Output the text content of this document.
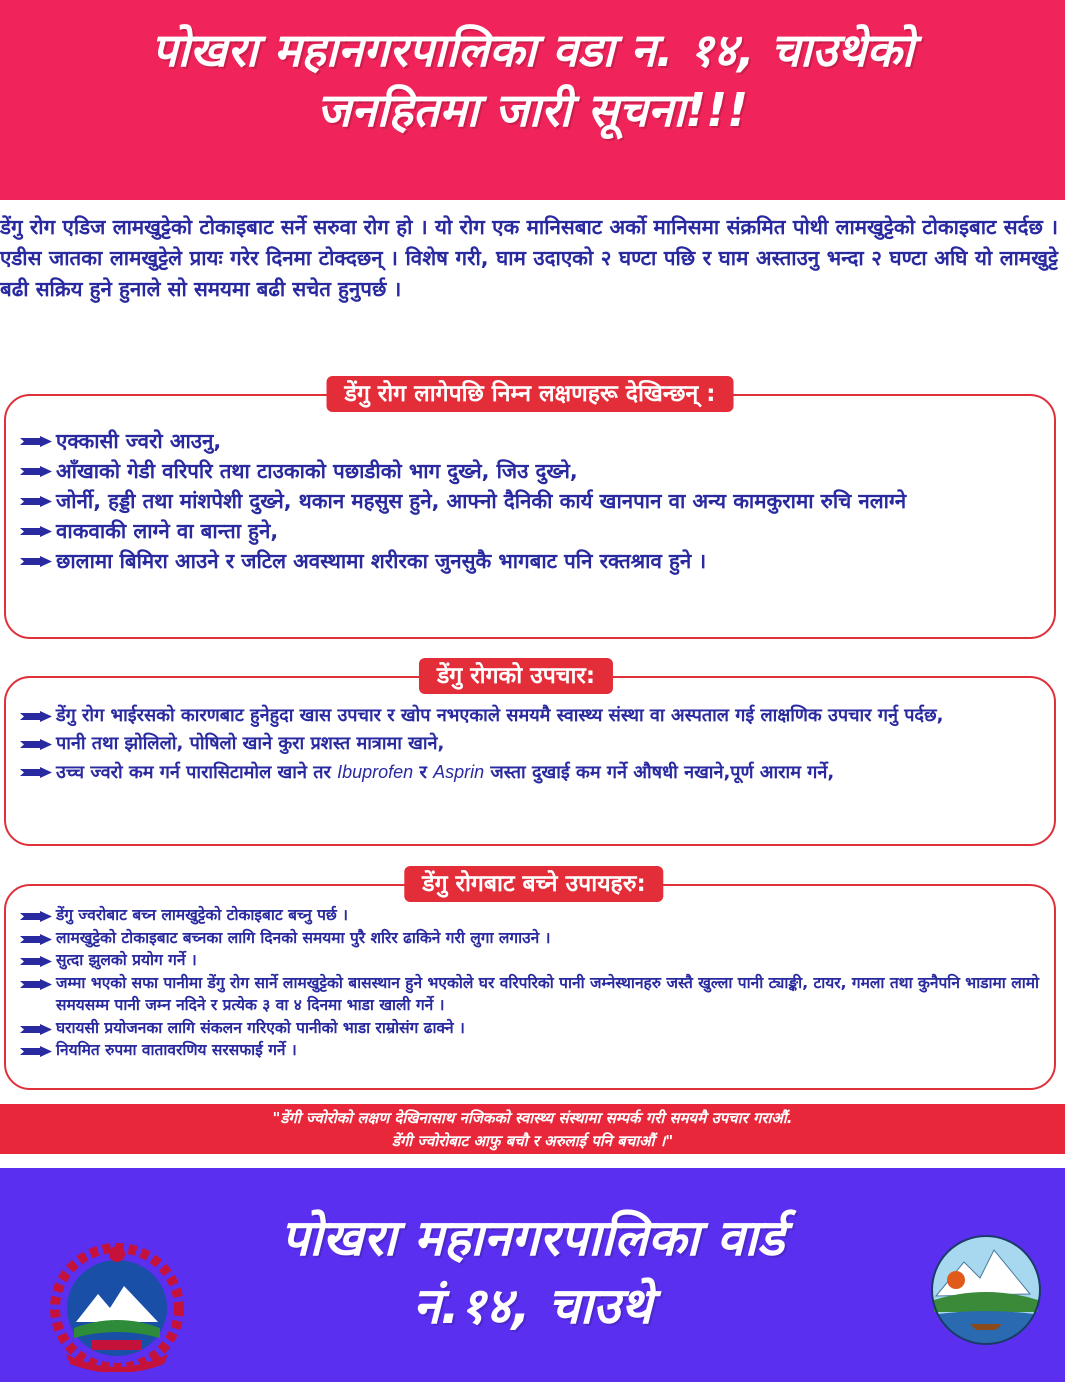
पोखरा महानगरपालिका वडा न. १४, चाउथेको
जनहितमा जारी सूचना!!!
डेंगु रोग एडिज लामखुट्टेको टोकाइबाट सर्ने सरुवा रोग हो । यो रोग एक मानिसबाट अर्को मानिसमा संक्रमित पोथी लामखुट्टेको टोकाइबाट सर्दछ । एडीस जातका लामखुट्टेले प्रायः गरेर दिनमा टोक्दछन् । विशेष गरी, घाम उदाएको २ घण्टा पछि र घाम अस्ताउनु भन्दा २ घण्टा अघि यो लामखुट्टे बढी सक्रिय हुने हुनाले सो समयमा बढी सचेत हुनुपर्छ ।
डेंगु रोग लागेपछि निम्न लक्षणहरू देखिन्छन् :
एक्कासी ज्वरो आउनु,
आँखाको गेडी वरिपरि तथा टाउकाको पछाडीको भाग दुख्ने, जिउ दुख्ने,
जोर्नी, हड्डी तथा मांशपेशी दुख्ने, थकान महसुस हुने, आफ्नो दैनिकी कार्य खानपान वा अन्य कामकुरामा रुचि नलाग्ने
वाकवाकी लाग्ने वा बान्ता हुने,
छालामा बिमिरा आउने र जटिल अवस्थामा शरीरका जुनसुकै भागबाट पनि रक्तश्राव हुने ।
डेंगु रोगको उपचार:
डेंगु रोग भाईरसको कारणबाट हुनेहुदा खास उपचार र खोप नभएकाले समयमै स्वास्थ्य संस्था वा अस्पताल गई लाक्षणिक उपचार गर्नु पर्दछ,
पानी तथा झोलिलो, पोषिलो खाने कुरा प्रशस्त मात्रामा खाने,
उच्च ज्वरो कम गर्न पारासिटामोल खाने तर Ibuprofen र Asprin जस्ता दुखाई कम गर्ने औषधी नखाने,पूर्ण आराम गर्ने,
डेंगु रोगबाट बच्ने उपायहरु:
डेंगु ज्वरोबाट बच्न लामखुट्टेको टोकाइबाट बच्नु पर्छ ।
लामखुट्टेको टोकाइबाट बच्नका लागि दिनको समयमा पुरै शरिर ढाकिने गरी लुगा लगाउने ।
सुत्दा झुलको प्रयोग गर्ने ।
जम्मा भएको सफा पानीमा डेंगु रोग सार्ने लामखुट्टेको बासस्थान हुने भएकोले घर वरिपरिको पानी जम्नेस्थानहरु जस्तै खुल्ला पानी ट्याङ्की, टायर, गमला तथा कुनैपनि भाडामा लामो समयसम्म पानी जम्न नदिने र प्रत्येक ३ वा ४ दिनमा भाडा खाली गर्ने ।
घरायसी प्रयोजनका लागि संकलन गरिएको पानीको भाडा राम्रोसंग ढाक्ने ।
नियमित रुपमा वातावरणिय सरसफाई गर्ने ।
"डेंगी ज्वोरोको लक्षण देखिनासाथ नजिकको स्वास्थ्य संस्थामा सम्पर्क गरी समयमै उपचार गराऔं.
डेंगी ज्वोरोबाट आफु बचौ र अरुलाई पनि बचाऔं ।"
पोखरा महानगरपालिका वार्ड
नं.१४, चाउथे
